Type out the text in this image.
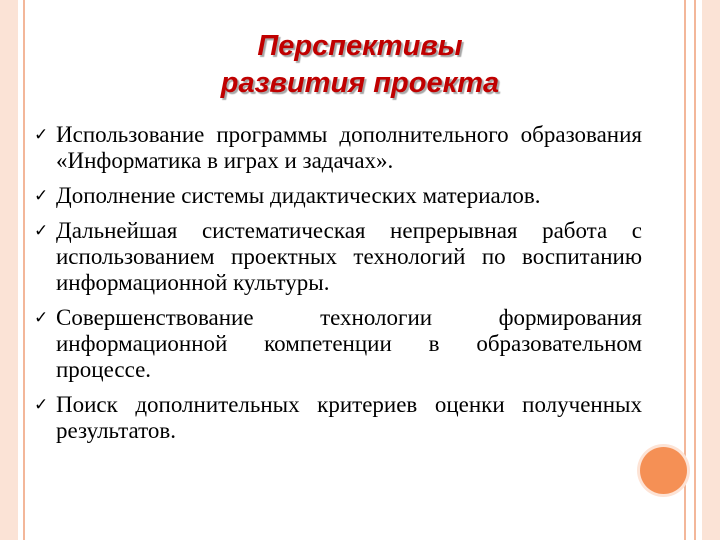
Перспективы
развития проекта
✓ Использование программы дополнительного образования «Информатика в играх и задачах».
✓ Дополнение системы дидактических материалов.
✓ Дальнейшая систематическая непрерывная работа с использованием проектных технологий по воспитанию информационной культуры.
✓ Совершенствование технологии формирования информационной компетенции в образовательном процессе.
✓ Поиск дополнительных критериев оценки полученных результатов.
